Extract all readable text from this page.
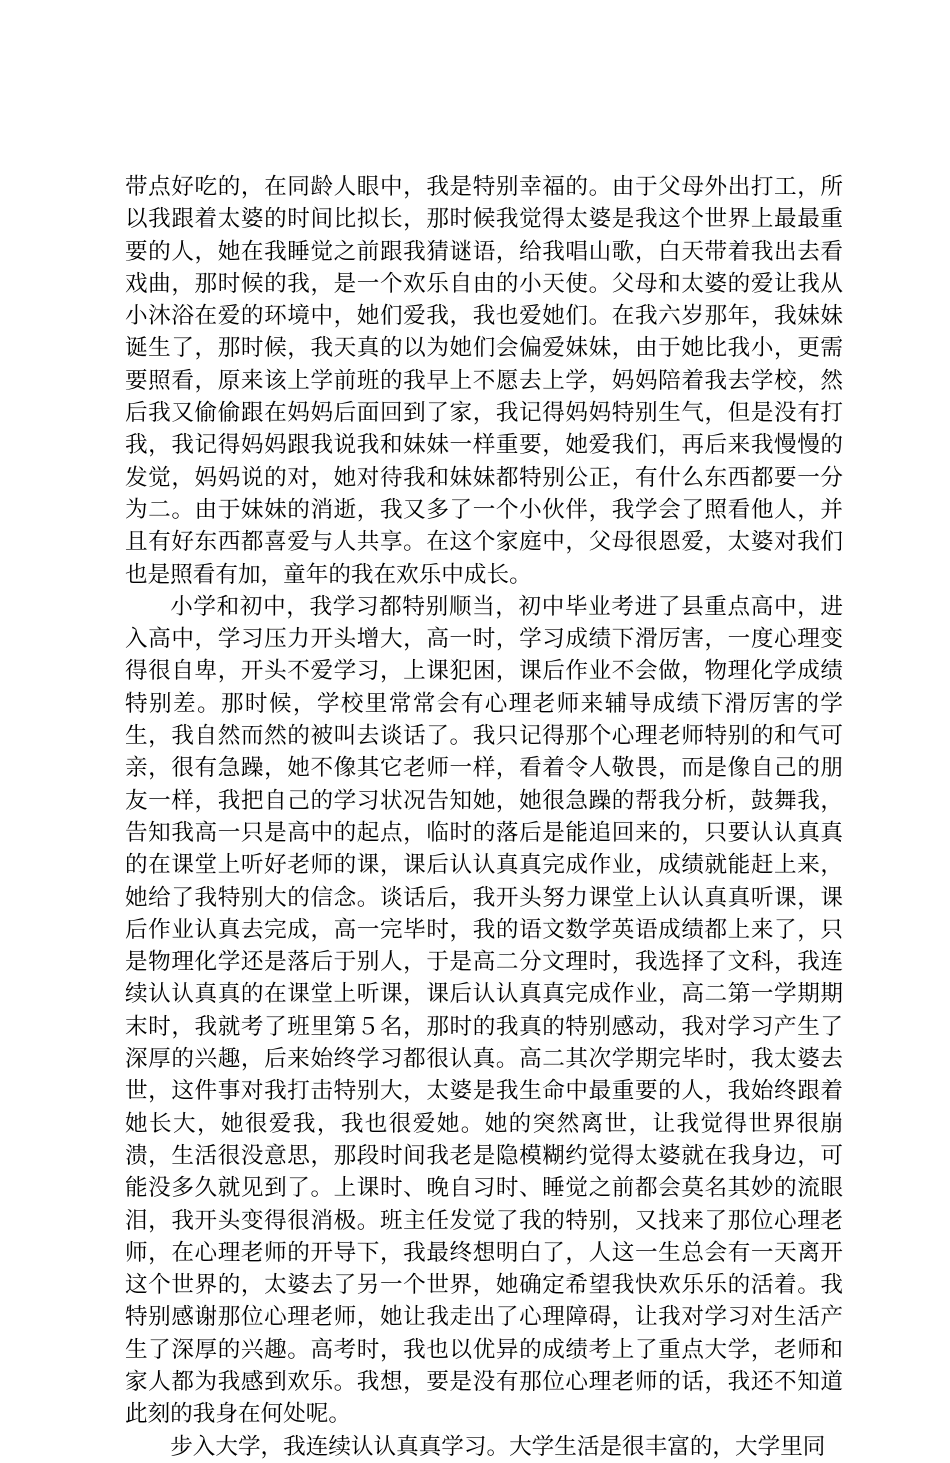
带点好吃的，在同龄人眼中，我是特别幸福的。由于父母外出打工，所以我跟着太婆的时间比拟长，那时候我觉得太婆是我这个世界上最最重要的人，她在我睡觉之前跟我猜谜语，给我唱山歌，白天带着我出去看戏曲，那时候的我，是一个欢乐自由的小天使。父母和太婆的爱让我从小沐浴在爱的环境中，她们爱我，我也爱她们。在我六岁那年，我妹妹诞生了，那时候，我天真的以为她们会偏爱妹妹，由于她比我小，更需要照看，原来该上学前班的我早上不愿去上学，妈妈陪着我去学校，然后我又偷偷跟在妈妈后面回到了家，我记得妈妈特别生气，但是没有打我，我记得妈妈跟我说我和妹妹一样重要，她爱我们，再后来我慢慢的发觉，妈妈说的对，她对待我和妹妹都特别公正，有什么东西都要一分为二。由于妹妹的消逝，我又多了一个小伙伴，我学会了照看他人，并且有好东西都喜爱与人共享。在这个家庭中，父母很恩爱，太婆对我们也是照看有加，童年的我在欢乐中成长。

小学和初中，我学习都特别顺当，初中毕业考进了县重点高中，进入高中，学习压力开头增大，高一时，学习成绩下滑厉害，一度心理变得很自卑，开头不爱学习，上课犯困，课后作业不会做，物理化学成绩特别差。那时候，学校里常常会有心理老师来辅导成绩下滑厉害的学生，我自然而然的被叫去谈话了。我只记得那个心理老师特别的和气可亲，很有急躁，她不像其它老师一样，看着令人敬畏，而是像自己的朋友一样，我把自己的学习状况告知她，她很急躁的帮我分析，鼓舞我，告知我高一只是高中的起点，临时的落后是能追回来的，只要认认真真的在课堂上听好老师的课，课后认认真真完成作业，成绩就能赶上来，她给了我特别大的信念。谈话后，我开头努力课堂上认认真真听课，课后作业认真去完成，高一完毕时，我的语文数学英语成绩都上来了，只是物理化学还是落后于别人，于是高二分文理时，我选择了文科，我连续认认真真的在课堂上听课，课后认认真真完成作业，高二第一学期期末时，我就考了班里第５名，那时的我真的特别感动，我对学习产生了深厚的兴趣，后来始终学习都很认真。高二其次学期完毕时，我太婆去世，这件事对我打击特别大，太婆是我生命中最重要的人，我始终跟着她长大，她很爱我，我也很爱她。她的突然离世，让我觉得世界很崩溃，生活很没意思，那段时间我老是隐模糊约觉得太婆就在我身边，可能没多久就见到了。上课时、晚自习时、睡觉之前都会莫名其妙的流眼泪，我开头变得很消极。班主任发觉了我的特别，又找来了那位心理老师，在心理老师的开导下，我最终想明白了，人这一生总会有一天离开这个世界的，太婆去了另一个世界，她确定希望我快欢乐乐的活着。我特别感谢那位心理老师，她让我走出了心理障碍，让我对学习对生活产生了深厚的兴趣。高考时，我也以优异的成绩考上了重点大学，老师和家人都为我感到欢乐。我想，要是没有那位心理老师的话，我还不知道此刻的我身在何处呢。

步入大学，我连续认认真真学习。大学生活是很丰富的，大学里同
